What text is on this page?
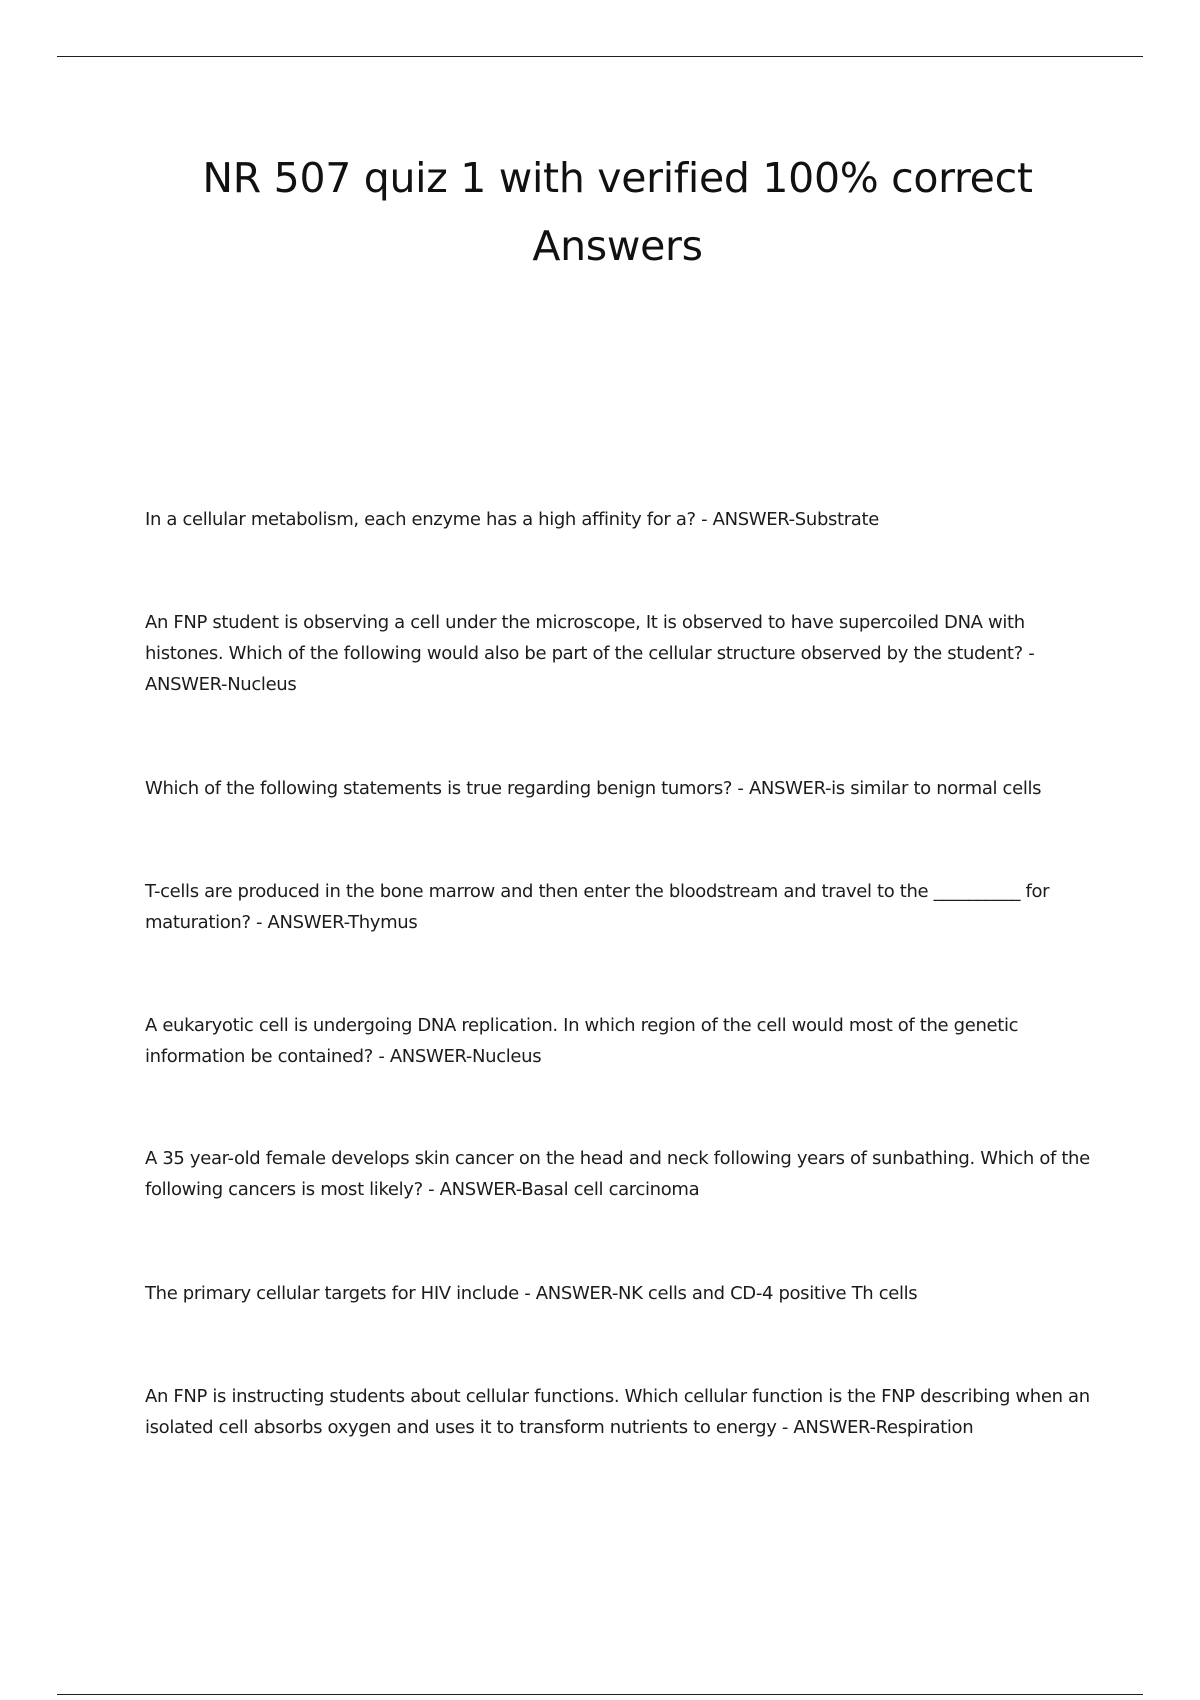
NR 507 quiz 1 with verified 100% correct Answers

In a cellular metabolism, each enzyme has a high affinity for a? - ANSWER-Substrate

An FNP student is observing a cell under the microscope, It is observed to have supercoiled DNA with histones. Which of the following would also be part of the cellular structure observed by the student? - ANSWER-Nucleus

Which of the following statements is true regarding benign tumors? - ANSWER-is similar to normal cells

T-cells are produced in the bone marrow and then enter the bloodstream and travel to the __________ for maturation? - ANSWER-Thymus

A eukaryotic cell is undergoing DNA replication. In which region of the cell would most of the genetic information be contained? - ANSWER-Nucleus

A 35 year-old female develops skin cancer on the head and neck following years of sunbathing. Which of the following cancers is most likely? - ANSWER-Basal cell carcinoma

The primary cellular targets for HIV include - ANSWER-NK cells and CD-4 positive Th cells

An FNP is instructing students about cellular functions. Which cellular function is the FNP describing when an isolated cell absorbs oxygen and uses it to transform nutrients to energy - ANSWER-Respiration
